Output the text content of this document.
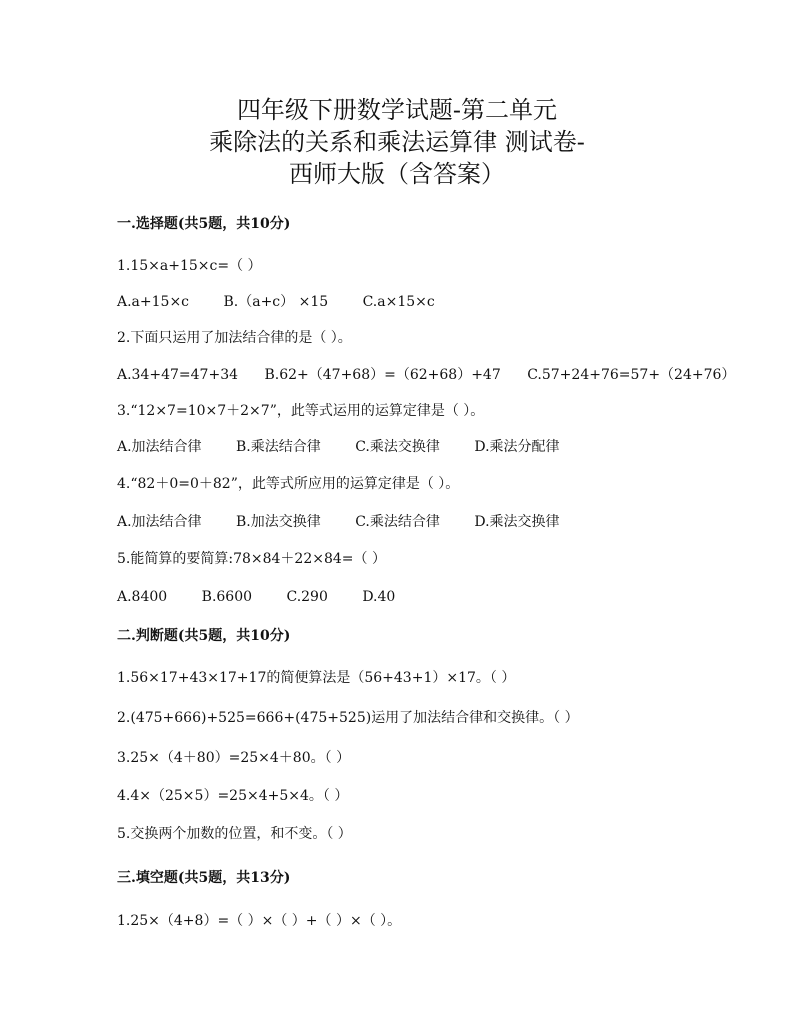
四年级下册数学试题-第二单元
乘除法的关系和乘法运算律 测试卷-
西师大版（含答案）
一.选择题(共5题，共10分)
1.15×a+15×c=（ ）
A.a+15×c B.（a+c） ×15 C.a×15×c
2.下面只运用了加法结合律的是（ ）。
A.34+47=47+34 B.62+（47+68）=（62+68）+47 C.57+24+76=57+（24+76）
3.“12×7=10×7＋2×7”，此等式运用的运算定律是（ ）。
A.加法结合律 B.乘法结合律 C.乘法交换律 D.乘法分配律
4.“82＋0=0＋82”，此等式所应用的运算定律是（ ）。
A.加法结合律 B.加法交换律 C.乘法结合律 D.乘法交换律
5.能简算的要简算:78×84＋22×84=（ ）
A.8400 B.6600 C.290 D.40
二.判断题(共5题，共10分)
1.56×17+43×17+17的简便算法是（56+43+1）×17。（ ）
2.(475+666)+525=666+(475+525)运用了加法结合律和交换律。（ ）
3.25×（4＋80）=25×4＋80。（ ）
4.4×（25×5）=25×4+5×4。（ ）
5.交换两个加数的位置，和不变。（ ）
三.填空题(共5题，共13分)
1.25×（4+8）=（ ）×（ ）+（ ）×（ ）。
